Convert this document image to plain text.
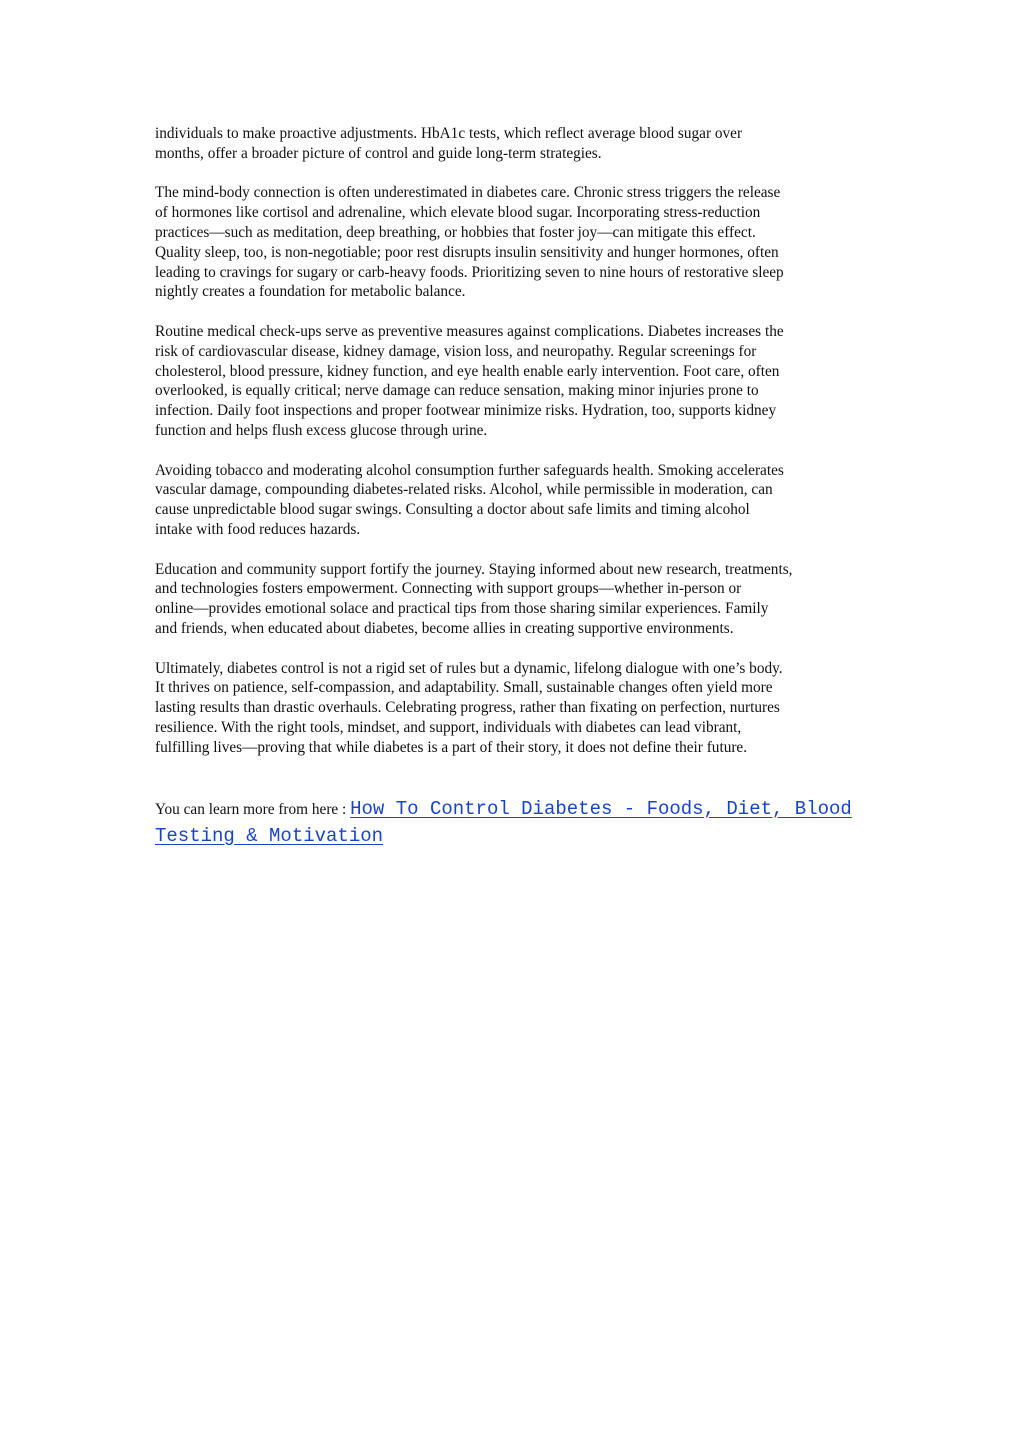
individuals to make proactive adjustments. HbA1c tests, which reflect average blood sugar over
months, offer a broader picture of control and guide long-term strategies.
The mind-body connection is often underestimated in diabetes care. Chronic stress triggers the release
of hormones like cortisol and adrenaline, which elevate blood sugar. Incorporating stress-reduction
practices—such as meditation, deep breathing, or hobbies that foster joy—can mitigate this effect.
Quality sleep, too, is non-negotiable; poor rest disrupts insulin sensitivity and hunger hormones, often
leading to cravings for sugary or carb-heavy foods. Prioritizing seven to nine hours of restorative sleep
nightly creates a foundation for metabolic balance.
Routine medical check-ups serve as preventive measures against complications. Diabetes increases the
risk of cardiovascular disease, kidney damage, vision loss, and neuropathy. Regular screenings for
cholesterol, blood pressure, kidney function, and eye health enable early intervention. Foot care, often
overlooked, is equally critical; nerve damage can reduce sensation, making minor injuries prone to
infection. Daily foot inspections and proper footwear minimize risks. Hydration, too, supports kidney
function and helps flush excess glucose through urine.
Avoiding tobacco and moderating alcohol consumption further safeguards health. Smoking accelerates
vascular damage, compounding diabetes-related risks. Alcohol, while permissible in moderation, can
cause unpredictable blood sugar swings. Consulting a doctor about safe limits and timing alcohol
intake with food reduces hazards.
Education and community support fortify the journey. Staying informed about new research, treatments,
and technologies fosters empowerment. Connecting with support groups—whether in-person or
online—provides emotional solace and practical tips from those sharing similar experiences. Family
and friends, when educated about diabetes, become allies in creating supportive environments.
Ultimately, diabetes control is not a rigid set of rules but a dynamic, lifelong dialogue with one’s body.
It thrives on patience, self-compassion, and adaptability. Small, sustainable changes often yield more
lasting results than drastic overhauls. Celebrating progress, rather than fixating on perfection, nurtures
resilience. With the right tools, mindset, and support, individuals with diabetes can lead vibrant,
fulfilling lives—proving that while diabetes is a part of their story, it does not define their future.
You can learn more from here : How To Control Diabetes - Foods, Diet, Blood
Testing & Motivation
